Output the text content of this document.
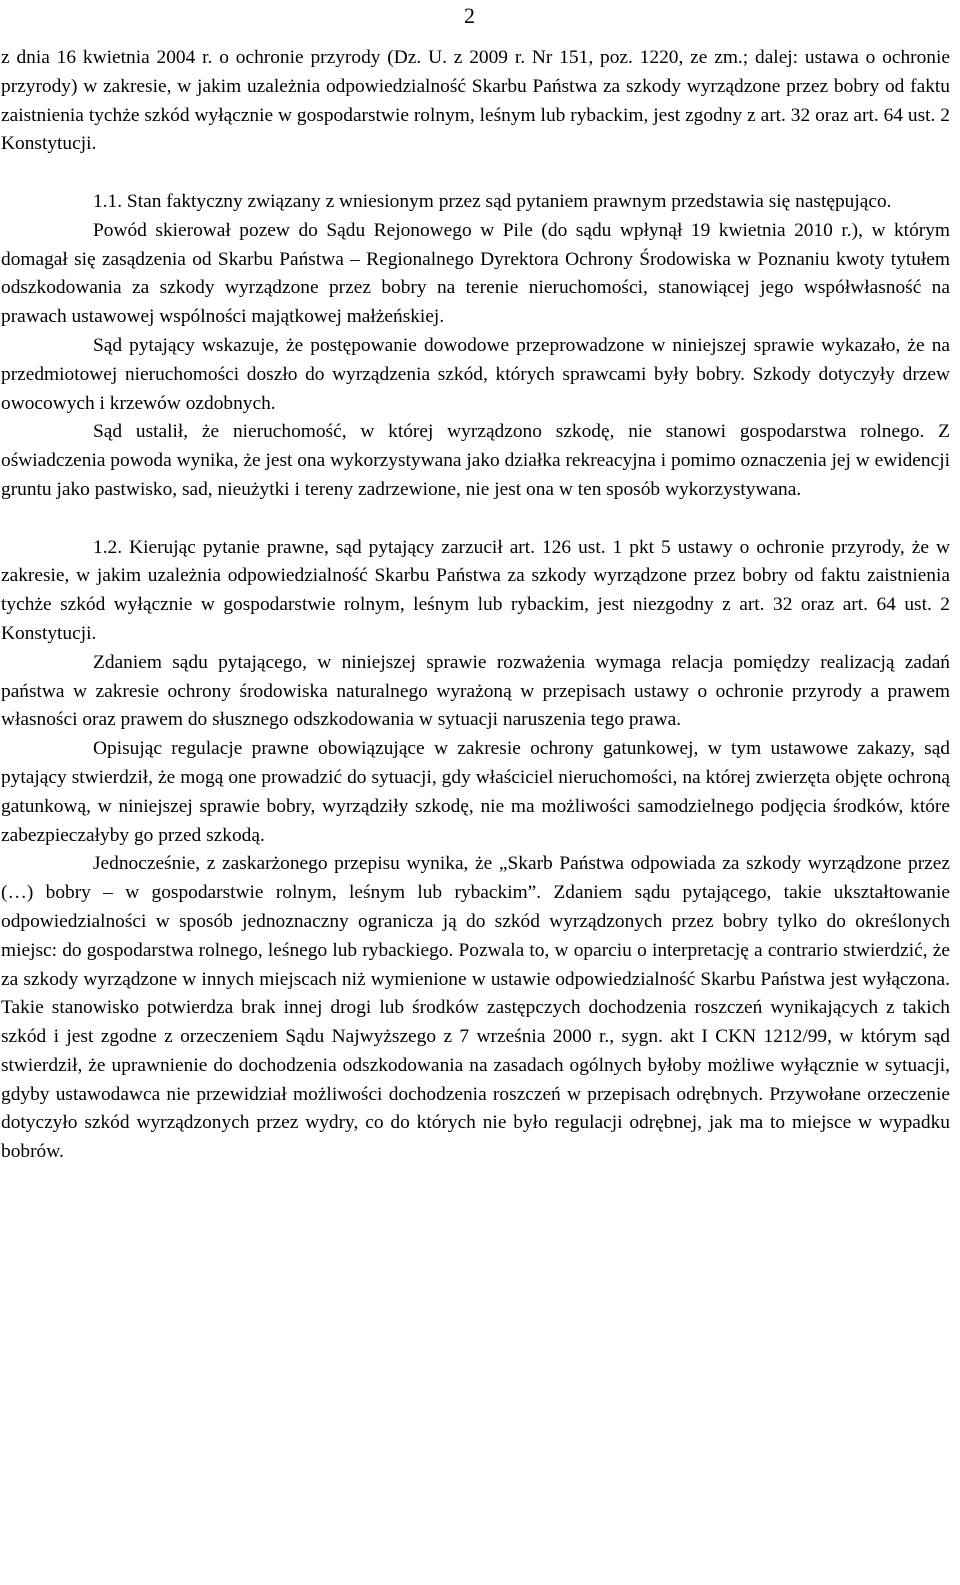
2

z dnia 16 kwietnia 2004 r. o ochronie przyrody (Dz. U. z 2009 r. Nr 151, poz. 1220, ze zm.; dalej: ustawa o ochronie przyrody) w zakresie, w jakim uzależnia odpowiedzialność Skarbu Państwa za szkody wyrządzone przez bobry od faktu zaistnienia tychże szkód wyłącznie w gospodarstwie rolnym, leśnym lub rybackim, jest zgodny z art. 32 oraz art. 64 ust. 2 Konstytucji.

1.1. Stan faktyczny związany z wniesionym przez sąd pytaniem prawnym przedstawia się następująco.

Powód skierował pozew do Sądu Rejonowego w Pile (do sądu wpłynął 19 kwietnia 2010 r.), w którym domagał się zasądzenia od Skarbu Państwa – Regionalnego Dyrektora Ochrony Środowiska w Poznaniu kwoty tytułem odszkodowania za szkody wyrządzone przez bobry na terenie nieruchomości, stanowiącej jego współwłasność na prawach ustawowej wspólności majątkowej małżeńskiej.

Sąd pytający wskazuje, że postępowanie dowodowe przeprowadzone w niniejszej sprawie wykazało, że na przedmiotowej nieruchomości doszło do wyrządzenia szkód, których sprawcami były bobry. Szkody dotyczyły drzew owocowych i krzewów ozdobnych.

Sąd ustalił, że nieruchomość, w której wyrządzono szkodę, nie stanowi gospodarstwa rolnego. Z oświadczenia powoda wynika, że jest ona wykorzystywana jako działka rekreacyjna i pomimo oznaczenia jej w ewidencji gruntu jako pastwisko, sad, nieużytki i tereny zadrzewione, nie jest ona w ten sposób wykorzystywana.

1.2. Kierując pytanie prawne, sąd pytający zarzucił art. 126 ust. 1 pkt 5 ustawy o ochronie przyrody, że w zakresie, w jakim uzależnia odpowiedzialność Skarbu Państwa za szkody wyrządzone przez bobry od faktu zaistnienia tychże szkód wyłącznie w gospodarstwie rolnym, leśnym lub rybackim, jest niezgodny z art. 32 oraz art. 64 ust. 2 Konstytucji.

Zdaniem sądu pytającego, w niniejszej sprawie rozważenia wymaga relacja pomiędzy realizacją zadań państwa w zakresie ochrony środowiska naturalnego wyrażoną w przepisach ustawy o ochronie przyrody a prawem własności oraz prawem do słusznego odszkodowania w sytuacji naruszenia tego prawa.

Opisując regulacje prawne obowiązujące w zakresie ochrony gatunkowej, w tym ustawowe zakazy, sąd pytający stwierdził, że mogą one prowadzić do sytuacji, gdy właściciel nieruchomości, na której zwierzęta objęte ochroną gatunkową, w niniejszej sprawie bobry, wyrządziły szkodę, nie ma możliwości samodzielnego podjęcia środków, które zabezpieczałyby go przed szkodą.

Jednocześnie, z zaskarżonego przepisu wynika, że „Skarb Państwa odpowiada za szkody wyrządzone przez (…) bobry – w gospodarstwie rolnym, leśnym lub rybackim”. Zdaniem sądu pytającego, takie ukształtowanie odpowiedzialności w sposób jednoznaczny ogranicza ją do szkód wyrządzonych przez bobry tylko do określonych miejsc: do gospodarstwa rolnego, leśnego lub rybackiego. Pozwala to, w oparciu o interpretację a contrario stwierdzić, że za szkody wyrządzone w innych miejscach niż wymienione w ustawie odpowiedzialność Skarbu Państwa jest wyłączona. Takie stanowisko potwierdza brak innej drogi lub środków zastępczych dochodzenia roszczeń wynikających z takich szkód i jest zgodne z orzeczeniem Sądu Najwyższego z 7 września 2000 r., sygn. akt I CKN 1212/99, w którym sąd stwierdził, że uprawnienie do dochodzenia odszkodowania na zasadach ogólnych byłoby możliwe wyłącznie w sytuacji, gdyby ustawodawca nie przewidział możliwości dochodzenia roszczeń w przepisach odrębnych. Przywołane orzeczenie dotyczyło szkód wyrządzonych przez wydry, co do których nie było regulacji odrębnej, jak ma to miejsce w wypadku bobrów.
